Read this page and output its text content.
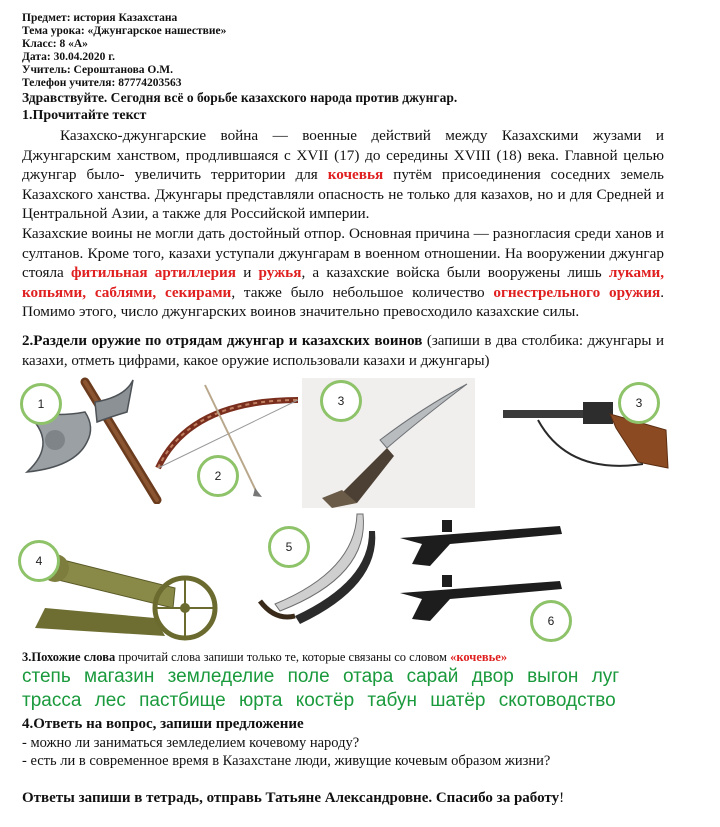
Предмет: история Казахстана
Тема урока: «Джунгарское нашествие»
Класс: 8 «А»
Дата: 30.04.2020 г.
Учитель: Сероштанова О.М.
Телефон учителя: 87774203563
Здравствуйте. Сегодня всё о борьбе казахского народа против джунгар.
1.Прочитайте текст
Казахско-джунгарские война — военные действий между Казахскими жузами и Джунгарским ханством, продлившаяся с XVII (17) до середины XVIII (18) века. Главной целью джунгар было- увеличить территории для кочевья путём присоединения соседних земель Казахского ханства. Джунгары представляли опасность не только для казахов, но и для Средней и Центральной Азии, а также для Российской империи.
Казахские воины не могли дать достойный отпор. Основная причина — разногласия среди ханов и султанов. Кроме того, казахи уступали джунгарам в военном отношении. На вооружении джунгар стояла фитильная артиллерия и ружья, а казахские войска были вооружены лишь луками, копьями, саблями, секирами, также было небольшое количество огнестрельного оружия. Помимо этого, число джунгарских воинов значительно превосходило казахские силы.
2.Раздели оружие по отрядам джунгар и казахских воинов (запиши в два столбика: джунгары и казахи, отметь цифрами, какое оружие использовали казахи и джунгары)
1
2
3	3
4
5
6
3.Похожие слова прочитай слова запиши только те, которые связаны со словом «кочевье»
степь магазин земледелие поле отара сарай двор выгон луг
трасса лес пастбище юрта костёр табун шатёр скотоводство
4.Ответь на вопрос, запиши предложение
- можно ли заниматься земледелием кочевому народу?
- есть ли в современное время в Казахстане люди, живущие кочевым образом жизни?
Ответы запиши в тетрадь, отправь Татьяне Александровне. Спасибо за работу!
